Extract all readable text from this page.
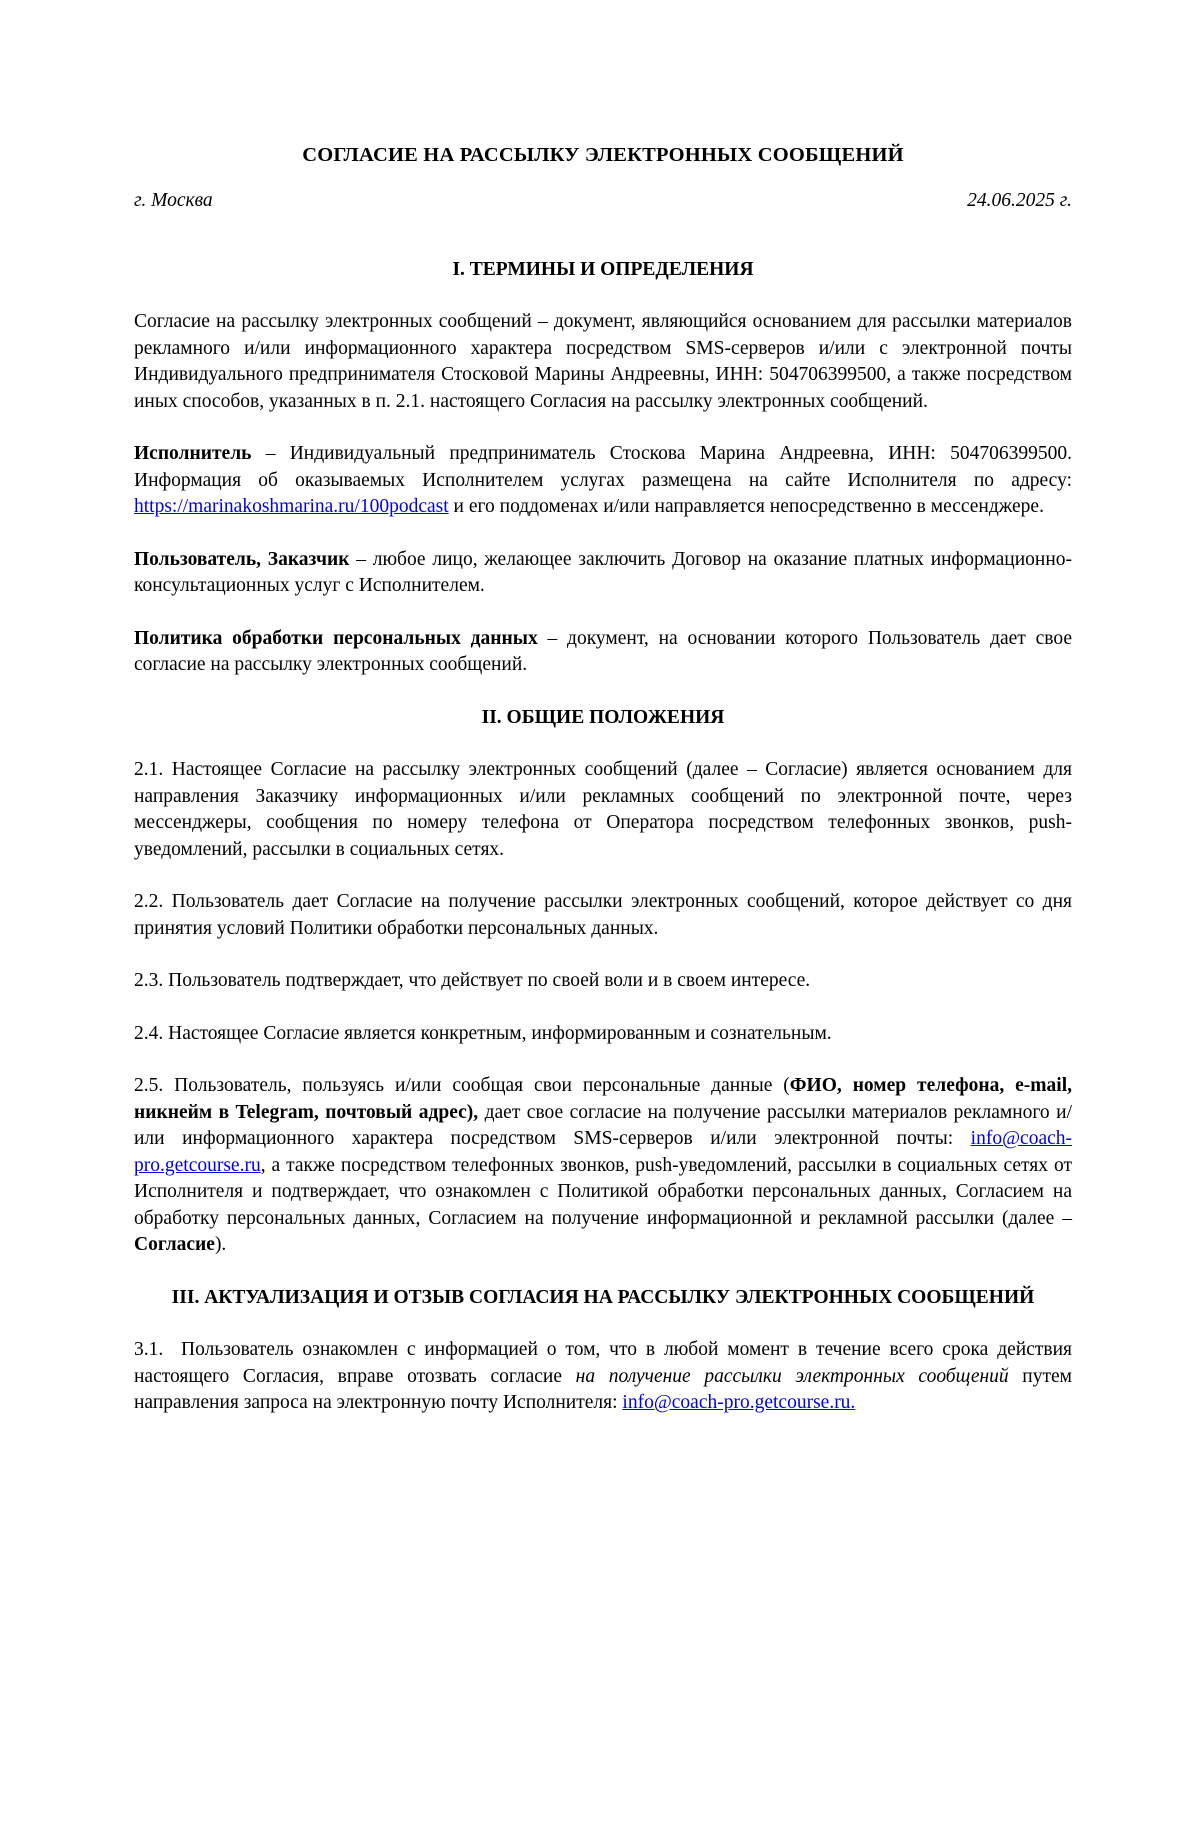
СОГЛАСИЕ НА РАССЫЛКУ ЭЛЕКТРОННЫХ СООБЩЕНИЙ
г. Москва	24.06.2025 г.
I. ТЕРМИНЫ И ОПРЕДЕЛЕНИЯ

Согласие на рассылку электронных сообщений – документ, являющийся основанием для рассылки материалов рекламного и/или информационного характера посредством SMS-серверов и/или с электронной почты Индивидуального предпринимателя Стосковой Марины Андреевны, ИНН: 504706399500, а также посредством иных способов, указанных в п. 2.1. настоящего Согласия на рассылку электронных сообщений.

Исполнитель – Индивидуальный предприниматель Стоскова Марина Андреевна, ИНН: 504706399500. Информация об оказываемых Исполнителем услугах размещена на сайте Исполнителя по адресу: https://marinakoshmarina.ru/100podcast и его поддоменах и/или направляется непосредственно в мессенджере.

Пользователь, Заказчик – любое лицо, желающее заключить Договор на оказание платных информационно-консультационных услуг с Исполнителем.

Политика обработки персональных данных – документ, на основании которого Пользователь дает свое согласие на рассылку электронных сообщений.

II. ОБЩИЕ ПОЛОЖЕНИЯ

2.1. Настоящее Согласие на рассылку электронных сообщений (далее – Согласие) является основанием для направления Заказчику информационных и/или рекламных сообщений по электронной почте, через мессенджеры, сообщения по номеру телефона от Оператора посредством телефонных звонков, push-уведомлений, рассылки в социальных сетях.

2.2. Пользователь дает Согласие на получение рассылки электронных сообщений, которое действует со дня принятия условий Политики обработки персональных данных.

2.3. Пользователь подтверждает, что действует по своей воли и в своем интересе.

2.4. Настоящее Согласие является конкретным, информированным и сознательным.

2.5. Пользователь, пользуясь и/или сообщая свои персональные данные (ФИО, номер телефона, e-mail, никнейм в Telegram, почтовый адрес), дает свое согласие на получение рассылки материалов рекламного и/или информационного характера посредством SMS-серверов и/или электронной почты: info@coach-pro.getcourse.ru, а также посредством телефонных звонков, push-уведомлений, рассылки в социальных сетях от Исполнителя и подтверждает, что ознакомлен с Политикой обработки персональных данных, Согласием на обработку персональных данных, Согласием на получение информационной и рекламной рассылки (далее – Согласие).

III. АКТУАЛИЗАЦИЯ И ОТЗЫВ СОГЛАСИЯ НА РАССЫЛКУ ЭЛЕКТРОННЫХ СООБЩЕНИЙ

3.1.  Пользователь ознакомлен с информацией о том, что в любой момент в течение всего срока действия настоящего Согласия, вправе отозвать согласие на получение рассылки электронных сообщений путем направления запроса на электронную почту Исполнителя: info@coach-pro.getcourse.ru.
